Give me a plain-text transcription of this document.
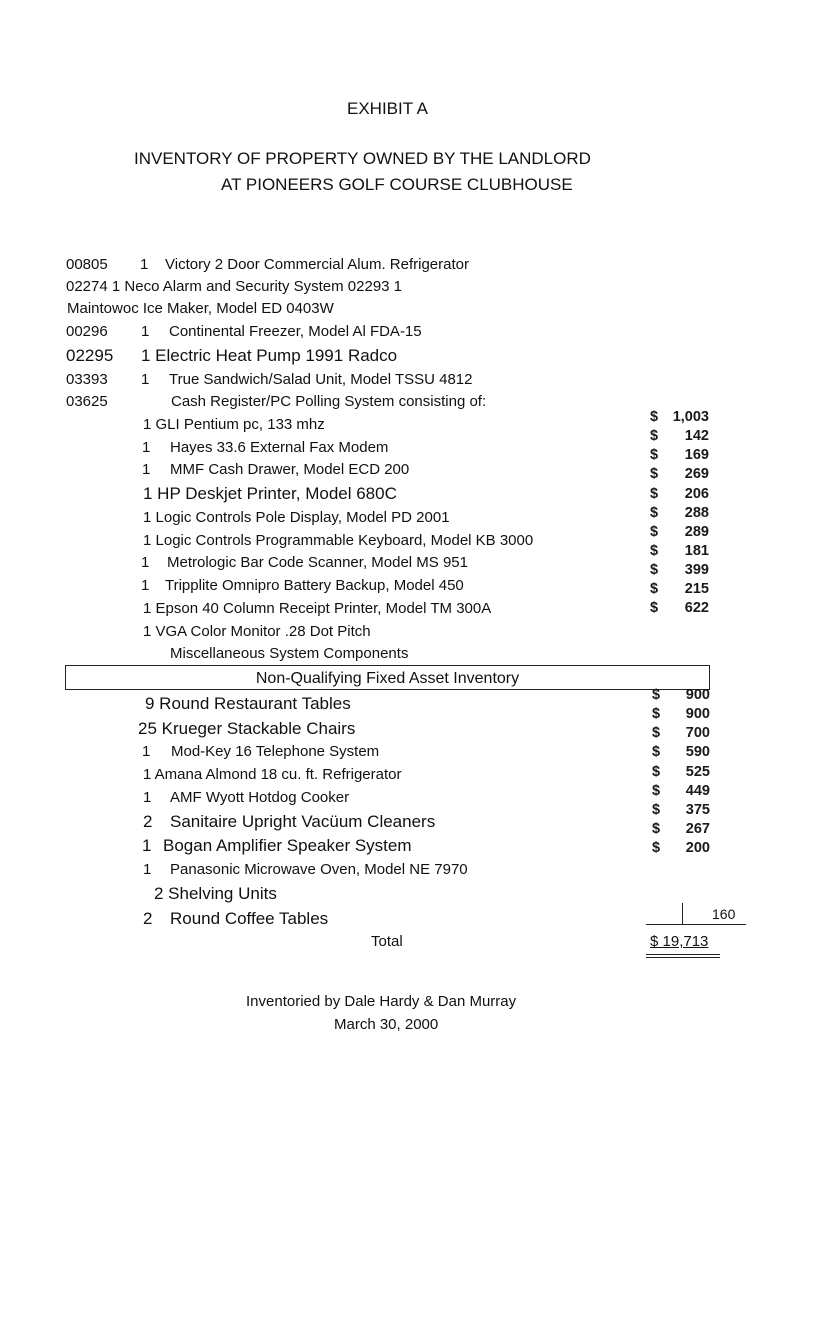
EXHIBIT A
INVENTORY OF PROPERTY OWNED BY THE LANDLORD
AT PIONEERS GOLF COURSE CLUBHOUSE
00805 1 Victory 2 Door Commercial Alum. Refrigerator
02274 1 Neco Alarm and Security System 02293 1
Maintowoc Ice Maker, Model ED 0403W
00296 1 Continental Freezer, Model Al FDA-15
02295 1 Electric Heat Pump 1991 Radco
03393 1 True Sandwich/Salad Unit, Model TSSU 4812
03625	Cash Register/PC Polling System consisting of:
1 GLI Pentium pc, 133 mhz
1 Hayes 33.6 External Fax Modem
1 MMF Cash Drawer, Model ECD 200
1 HP Deskjet Printer, Model 680C
1 Logic Controls Pole Display, Model PD 2001
1 Logic Controls Programmable Keyboard, Model KB 3000
1 Metrologic Bar Code Scanner, Model MS 951
1 Tripplite Omnipro Battery Backup, Model 450
1 Epson 40 Column Receipt Printer, Model TM 300A
1 VGA Color Monitor .28 Dot Pitch
Miscellaneous System Components
$ 1,003
$ 142
$ 169
$ 269
$ 206
$ 288
$ 289
$ 181
$ 399
$ 215
$ 622
Non-Qualifying Fixed Asset Inventory
9 Round Restaurant Tables
25 Krueger Stackable Chairs
1 Mod-Key 16 Telephone System
1 Amana Almond 18 cu. ft. Refrigerator
1 AMF Wyott Hotdog Cooker
2 Sanitaire Upright Vacüum Cleaners
1 Bogan Amplifier Speaker System
1 Panasonic Microwave Oven, Model NE 7970
2 Shelving Units
2 Round Coffee Tables
$ 900
$ 900
$ 700
$ 590
$ 525
$ 449
$ 375
$ 267
$ 200
160
Total	$ 19,713
Inventoried by Dale Hardy & Dan Murray
March 30, 2000
